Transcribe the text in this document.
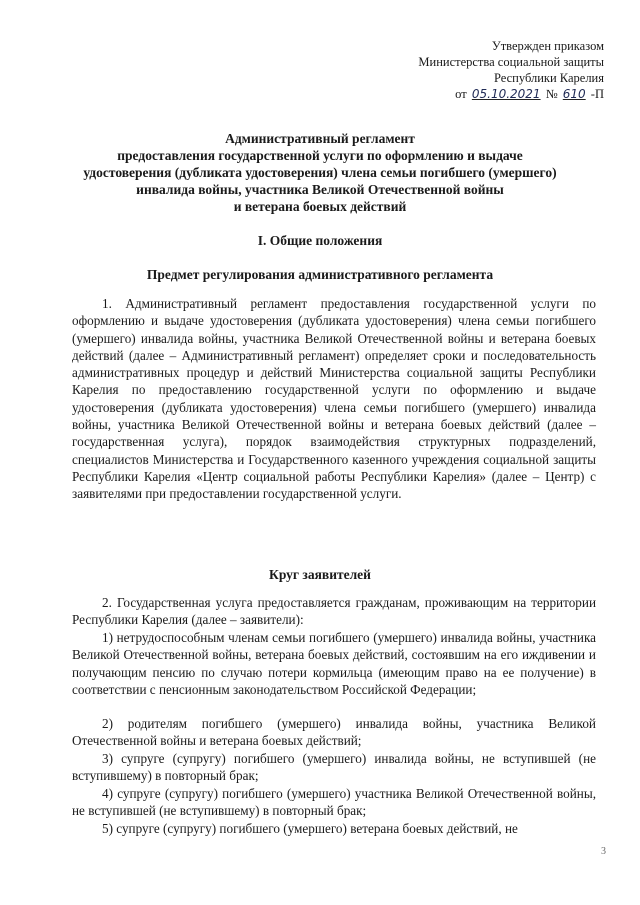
Утвержден приказом
Министерства социальной защиты
Республики Карелия
от 05.10.2021 № 610 -П
Административный регламент
предоставления государственной услуги по оформлению и выдаче
удостоверения (дубликата удостоверения) члена семьи погибшего (умершего)
инвалида войны, участника Великой Отечественной войны
и ветерана боевых действий
I. Общие положения
Предмет регулирования административного регламента
1. Административный регламент предоставления государственной услуги по оформлению и выдаче удостоверения (дубликата удостоверения) члена семьи погибшего (умершего) инвалида войны, участника Великой Отечественной войны и ветерана боевых действий (далее – Административный регламент) определяет сроки и последовательность административных процедур и действий Министерства социальной защиты Республики Карелия по предоставлению государственной услуги по оформлению и выдаче удостоверения (дубликата удостоверения) члена семьи погибшего (умершего) инвалида войны, участника Великой Отечественной войны и ветерана боевых действий (далее – государственная услуга), порядок взаимодействия структурных подразделений, специалистов Министерства и Государственного казенного учреждения социальной защиты Республики Карелия «Центр социальной работы Республики Карелия» (далее – Центр) с заявителями при предоставлении государственной услуги.
Круг заявителей
2. Государственная услуга предоставляется гражданам, проживающим на территории Республики Карелия (далее – заявители):
1) нетрудоспособным членам семьи погибшего (умершего) инвалида войны, участника Великой Отечественной войны, ветерана боевых действий, состоявшим на его иждивении и получающим пенсию по случаю потери кормильца (имеющим право на ее получение) в соответствии с пенсионным законодательством Российской Федерации;
2) родителям погибшего (умершего) инвалида войны, участника Великой Отечественной войны и ветерана боевых действий;
3) супруге (супругу) погибшего (умершего) инвалида войны, не вступившей (не вступившему) в повторный брак;
4) супруге (супругу) погибшего (умершего) участника Великой Отечественной войны, не вступившей (не вступившему) в повторный брак;
5) супруге (супругу) погибшего (умершего) ветерана боевых действий, не
3
